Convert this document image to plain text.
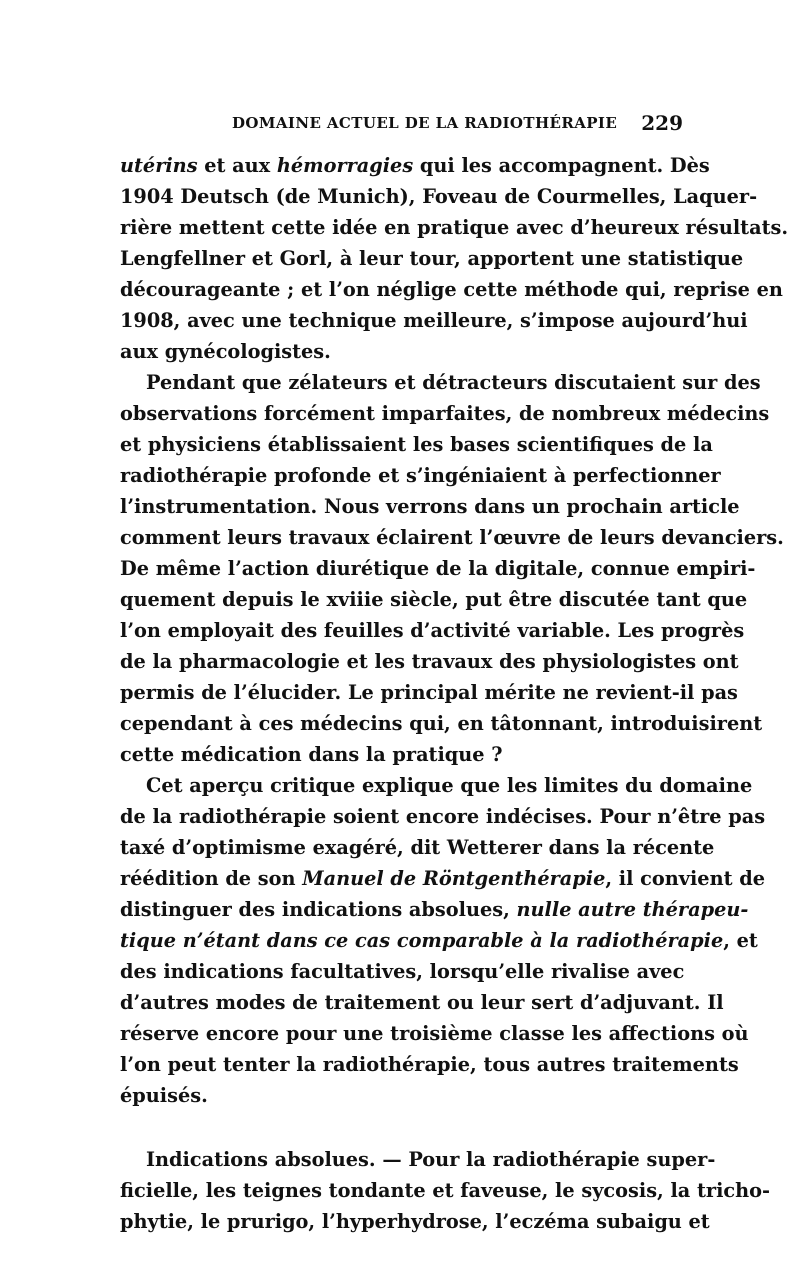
DOMAINE ACTUEL DE LA RADIOTHÉRAPIE 229
utérins et aux hémorragies qui les accompagnent. Dès
1904 Deutsch (de Munich), Foveau de Courmelles, Laquer-
rière mettent cette idée en pratique avec d’heureux résultats.
Lengfellner et Gorl, à leur tour, apportent une statistique
décourageante ; et l’on néglige cette méthode qui, reprise en
1908, avec une technique meilleure, s’impose aujourd’hui
aux gynécologistes.
Pendant que zélateurs et détracteurs discutaient sur des
observations forcément imparfaites, de nombreux médecins
et physiciens établissaient les bases scientifiques de la
radiothérapie profonde et s’ingéniaient à perfectionner
l’instrumentation. Nous verrons dans un prochain article
comment leurs travaux éclairent l’œuvre de leurs devanciers.
De même l’action diurétique de la digitale, connue empiri-
quement depuis le xviiie siècle, put être discutée tant que
l’on employait des feuilles d’activité variable. Les progrès
de la pharmacologie et les travaux des physiologistes ont
permis de l’élucider. Le principal mérite ne revient-il pas
cependant à ces médecins qui, en tâtonnant, introduisirent
cette médication dans la pratique ?
Cet aperçu critique explique que les limites du domaine
de la radiothérapie soient encore indécises. Pour n’être pas
taxé d’optimisme exagéré, dit Wetterer dans la récente
réédition de son Manuel de Röntgenthérapie, il convient de
distinguer des indications absolues, nulle autre thérapeu-
tique n’étant dans ce cas comparable à la radiothérapie, et
des indications facultatives, lorsqu’elle rivalise avec
d’autres modes de traitement ou leur sert d’adjuvant. Il
réserve encore pour une troisième classe les affections où
l’on peut tenter la radiothérapie, tous autres traitements
épuisés.
Indications absolues. — Pour la radiothérapie super-
ficielle, les teignes tondante et faveuse, le sycosis, la tricho-
phytie, le prurigo, l’hyperhydrose, l’eczéma subaigu et
